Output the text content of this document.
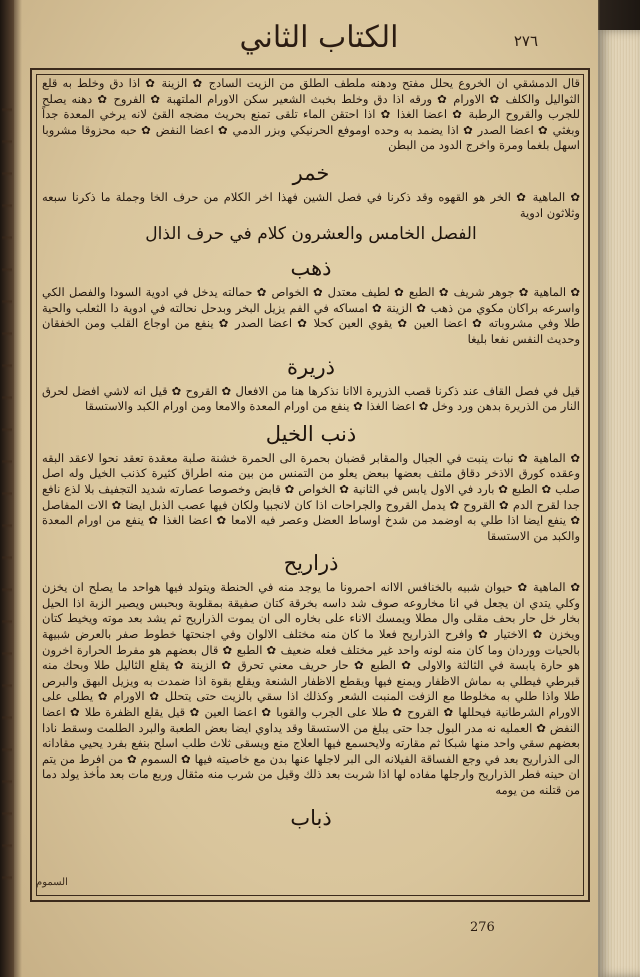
الكتاب الثاني	٢٧٦

قال الدمشقي ان الخروع يحلل مفتح ودهنه ملطف الطلق من الزيت السادج ✿ الزينة ✿ اذا دق وخلط به قلع الثواليل والكلف ✿ الاورام ✿ ورقه اذا دق وخلط بخبث الشعير سكن الاورام الملتهبة ✿ الفروح ✿ دهنه يصلح للجرب والقروح الرطبة ✿ اعضا الغذا ✿ اذا احتقن الماء تلقى تمنع بحريث مضجه القئ لانه يرخي المعدة جداً وبغثي ✿ اعضا الصدر ✿ اذا يضمد به وحده اوموفع الحرنيكي وبزر الدمي ✿ اعضا النفض ✿ حبه محزوقا مشروبا اسهل بلغما ومرة واخرج الدود من البطن

خمر

✿ الماهية ✿ الخر هو القهوه وقد ذكرنا في فصل الشين فهذا اخر الكلام من حرف الخا وجملة ما ذكرنا سبعه وثلاثون ادوية

الفصل الخامس والعشرون كلام في حرف الذال
ذهب

✿ الماهية ✿ جوهر شريف ✿ الطبع ✿ لطيف معتدل ✿ الخواص ✿ حمالته يدخل في ادوية السودا والفصل الكي واسرعه براكان مكوي من ذهب ✿ الزينة ✿ امساكه في الفم يزيل البخر وبدحل نحالته في ادوية دا الثعلب والحية طلا وفي مشروباته ✿ اعضا العين ✿ يقوي العين كحلا ✿ اعضا الصدر ✿ ينفع من اوجاع القلب ومن الخفقان وحديث النفس نفعا بليغا

ذريرة

قيل في فصل القاف عند ذكرنا قصب الذريرة الاانا نذكرها هنا من الافعال ✿ القروح ✿ قيل انه لاشي افضل لحرق النار من الذريرة بدهن ورد وخل ✿ اعضا الغذا ✿ ينفع من اورام المعدة والامعا ومن اورام الكبد والاستسقا

ذنب الخيل

✿ الماهية ✿ نبات ينبت في الجبال والمقابر قضبان بحمرة الى الحمرة خشنة صلبة معقدة تعقد نحوا لاعقد البقه وعقده كورق الاذخر دقاق ملتف بعضها ببعض يعلو من التمنس من بين منه اطراق كثيرة كذنب الخيل وله اصل صلب ✿ الطبع ✿ بارد في الاول يابس في الثانية ✿ الخواص ✿ قابض وخصوصا عصارته شديد التجفيف بلا لذع نافع جدا لقرح الدم ✿ القروح ✿ يدمل القروح والجراحات اذا كان لانجبيا ولكان فيها عصب الذبل ايضا ✿ الات المفاصل ✿ ينفع ايضا اذا طلي به اوضمد من شدخ اوساط العضل وعصر فيه الامعا ✿ اعضا الغذا ✿ ينفع من اورام المعدة والكبد من الاستسقا

ذراريح

✿ الماهية ✿ حيوان شبيه بالخنافس الاانه احمرونا ما يوجد منه في الحنطة ويتولد فيها هواحد ما يصلح ان يخزن وكلي يتدي ان يجعل في انا مخاروعه صوف شد داسه بخرقة كتان صفيقة بمقلوبة وبحبس ويصير الزبة اذا الحيل بخار خل حار بحف مقلى وال مطلا ويمسك الاناء على بخاره الى ان يموت الذراريح ثم يشد بعد موته ويخيط كتان ويخزن ✿ الاختيار ✿ وافرح الذراريح فعلا ما كان منه مختلف الالوان وفي اجنحتها خطوط صفر بالعرض شبيهة بالحيات ووردان وما كان منه لونه واحد غير مختلف فعله ضعيف ✿ الطبع ✿ قال بعضهم هو مفرط الحرارة اخرون هو حارة يابسة في الثالثة والاولى ✿ الطبع ✿ حار حريف معني تحرق ✿ الزينة ✿ يقلع الثاليل طلا وبحك منه قبرطي فيطلي به ىماش الاظفار ويمنع فيها ويقطع الاظفار الشنعة ويقلع بقوة اذا ضمدت به ويزيل البهق والبرص طلا واذا طلي به مخلوطا مع الزفت المنبت الشعر وكذلك اذا سقي بالزيت حتى يتحلل ✿ الاورام ✿ يطلى على الاورام الشرطانية فيحللها ✿ القروح ✿ طلا على الجرب والقوبا ✿ اعضا العين ✿ قيل يقلع الظفرة طلا ✿ اعضا النفض ✿ العمليه نه مدر البول جدا حتى يبلغ من الاستسقا وقد يداوي ايضا بعض الطعبة والبرد الطلمت وسقط نادا بعضهم سقي واحد منها شبكا ثم مقارته ولايحسمع فيها العلاج منع ويسقى ثلاث طلب اسلح بنفع بفرد يحيي مقادانه الى الذراريح بعد في وجع الفساقة الفيلانه الى البر لاجلها عنها بدن مع خاصيته فيها ✿ السموم ✿ من افرط من يتم ان حينه فطر الذراريح وارجلها مفاده لها اذا شربت بعد ذلك وقيل من شرب منه مثقال وربع مات بعد مأخذ يولد دما من قتلنه من يومه

ذباب
السموم
276
